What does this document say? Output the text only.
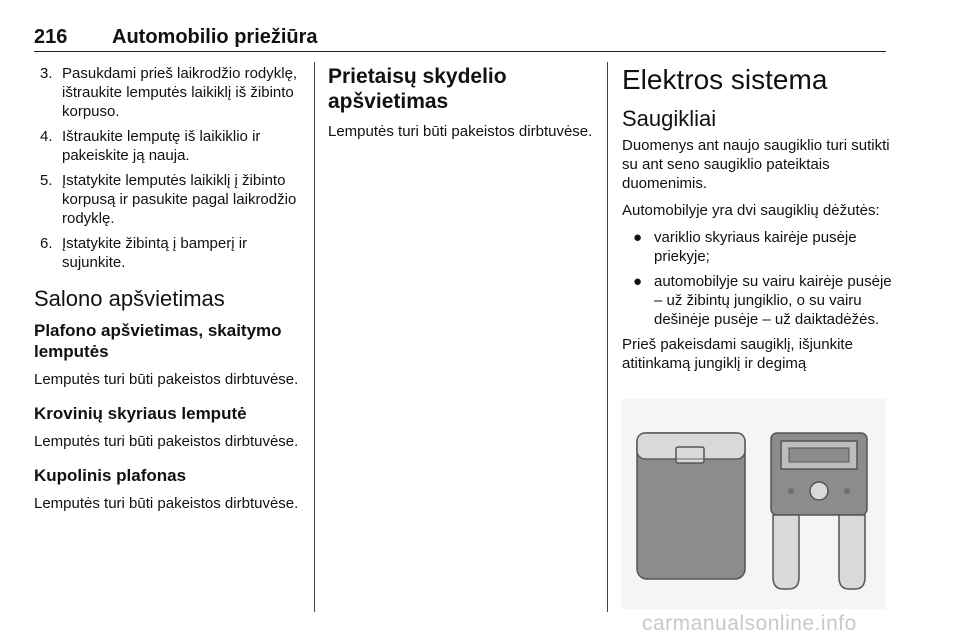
216 Automobilio priežiūra
3. Pasukdami prieš laikrodžio rodyklę, ištraukite lemputės laikiklį iš žibinto korpuso.
4. Ištraukite lemputę iš laikiklio ir pakeiskite ją nauja.
5. Įstatykite lemputės laikiklį į žibinto korpusą ir pasukite pagal laikrodžio rodyklę.
6. Įstatykite žibintą į bamperį ir sujunkite.
Salono apšvietimas
Plafono apšvietimas, skaitymo lemputės

Lemputės turi būti pakeistos dirbtuvėse.

Krovinių skyriaus lemputė

Lemputės turi būti pakeistos dirbtuvėse.

Kupolinis plafonas

Lemputės turi būti pakeistos dirbtuvėse.

Prietaisų skydelio apšvietimas

Lemputės turi būti pakeistos dirbtuvėse.

Elektros sistema
Saugikliai

Duomenys ant naujo saugiklio turi sutikti su ant seno saugiklio pateiktais duomenimis.

Automobilyje yra dvi saugiklių dėžutės:

● variklio skyriaus kairėje pusėje priekyje;
● automobilyje su vairu kairėje pusėje – už žibintų jungiklio, o su vairu dešinėje pusėje – už daiktadėžės.

Prieš pakeisdami saugiklį, išjunkite atitinkamą jungiklį ir degimą

carmanualsonline.info
